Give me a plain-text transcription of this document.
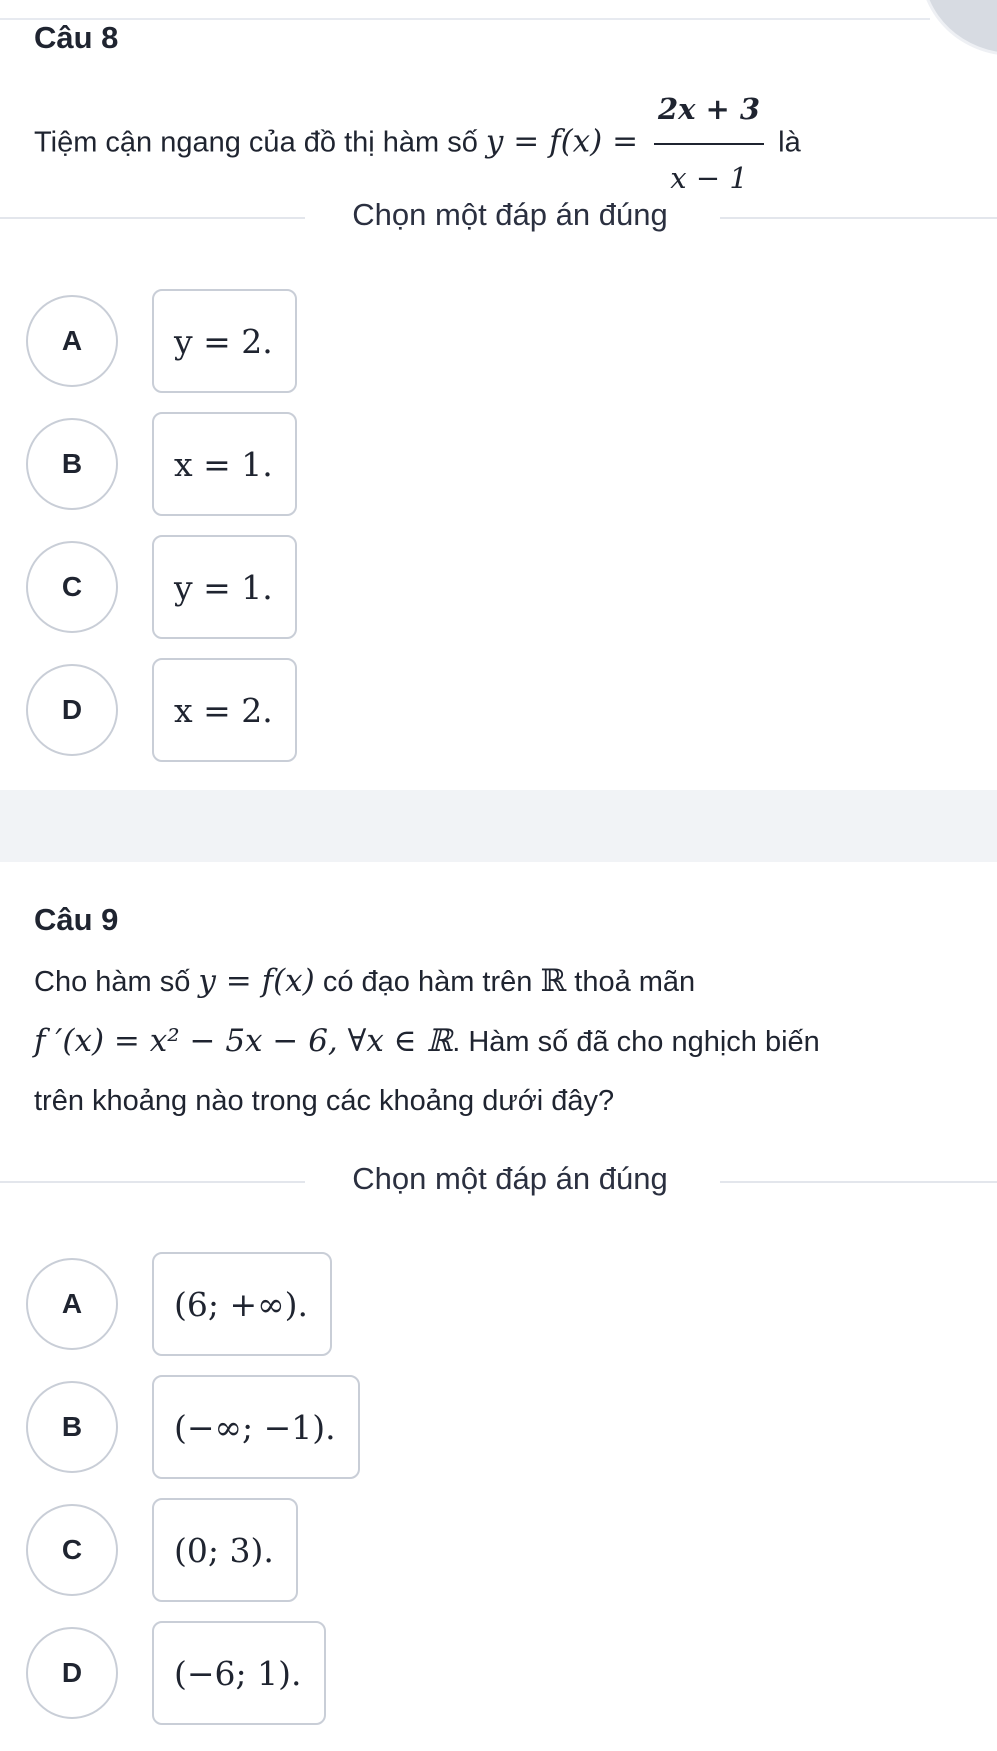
Câu 8
Tiệm cận ngang của đồ thị hàm số $y = f(x) = \frac{2x + 3}{x - 1}$ là
Chọn một đáp án đúng
A	y = 2.
B	x = 1.
C	y = 1.
D	x = 2.
Câu 9
Cho hàm số y = f(x) có đạo hàm trên ℝ thoả mãn
f ′(x) = x² − 5x − 6, ∀x ∈ ℝ. Hàm số đã cho nghịch biến
trên khoảng nào trong các khoảng dưới đây?
Chọn một đáp án đúng
A	(6; +∞).
B	(−∞; −1).
C	(0; 3).
D	(−6; 1).
